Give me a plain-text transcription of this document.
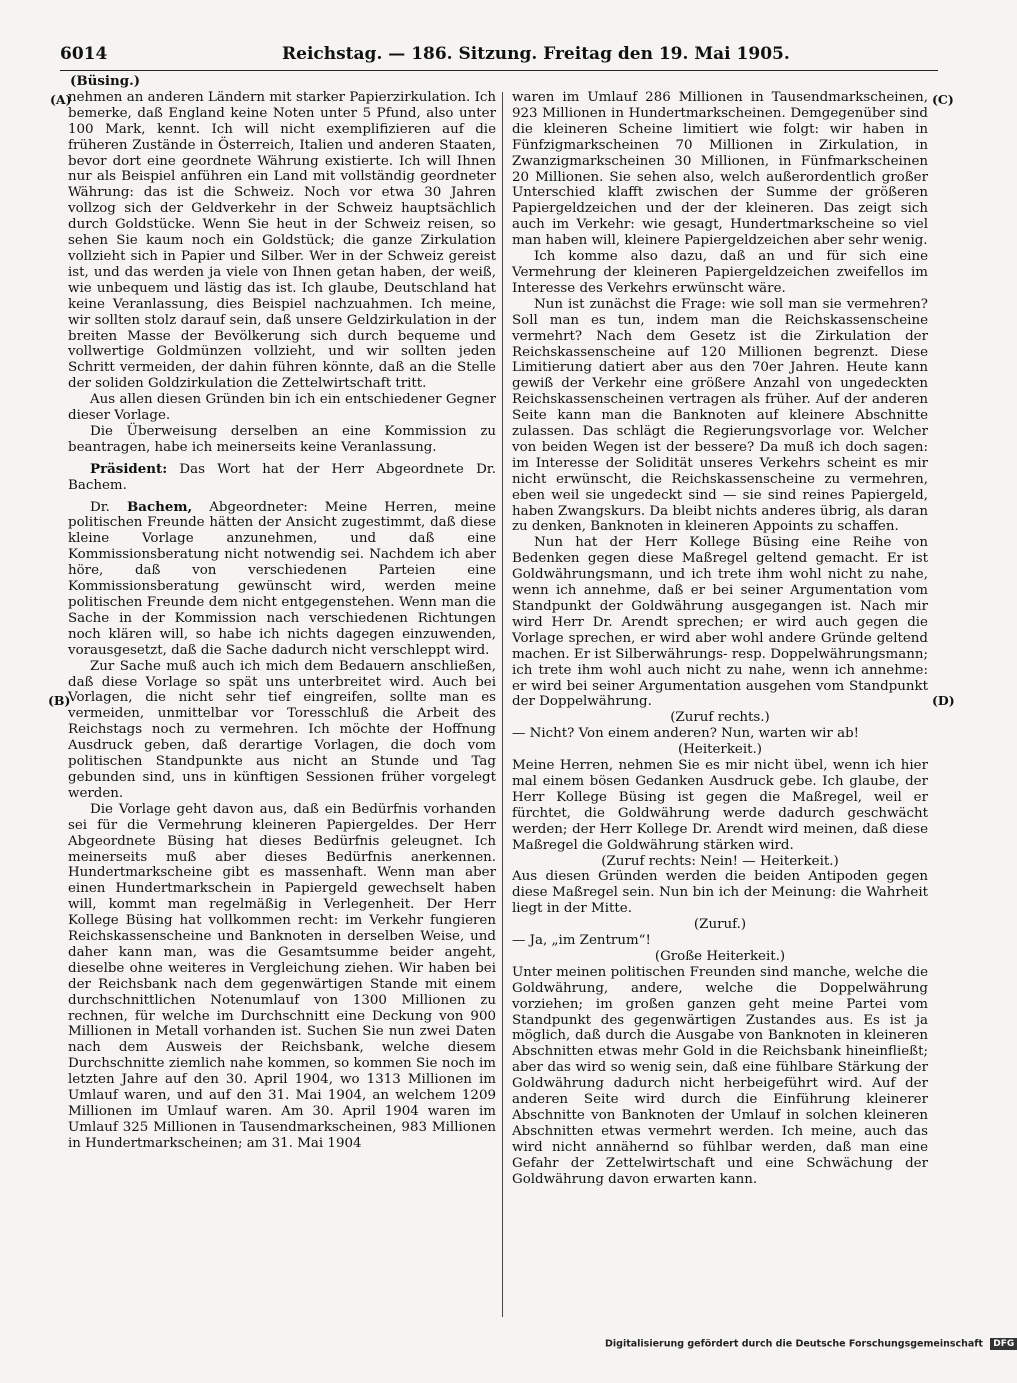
6014	Reichstag. — 186. Sitzung. Freitag den 19. Mai 1905.
(A)
(B)
(C)
(D)

(Büsing.)

nehmen an anderen Ländern mit starker Papierzirkulation. Ich bemerke, daß England keine Noten unter 5 Pfund, also unter 100 Mark, kennt. Ich will nicht exemplifizieren auf die früheren Zustände in Österreich, Italien und anderen Staaten, bevor dort eine geordnete Währung existierte. Ich will Ihnen nur als Beispiel anführen ein Land mit vollständig geordneter Währung: das ist die Schweiz. Noch vor etwa 30 Jahren vollzog sich der Geldverkehr in der Schweiz hauptsächlich durch Goldstücke. Wenn Sie heut in der Schweiz reisen, so sehen Sie kaum noch ein Goldstück; die ganze Zirkulation vollzieht sich in Papier und Silber. Wer in der Schweiz gereist ist, und das werden ja viele von Ihnen getan haben, der weiß, wie unbequem und lästig das ist. Ich glaube, Deutschland hat keine Veranlassung, dies Beispiel nachzuahmen. Ich meine, wir sollten stolz darauf sein, daß unsere Geldzirkulation in der breiten Masse der Bevölkerung sich durch bequeme und vollwertige Goldmünzen vollzieht, und wir sollten jeden Schritt vermeiden, der dahin führen könnte, daß an die Stelle der soliden Goldzirkulation die Zettelwirtschaft tritt.

Aus allen diesen Gründen bin ich ein entschiedener Gegner dieser Vorlage.

Die Überweisung derselben an eine Kommission zu beantragen, habe ich meinerseits keine Veranlassung.

Präsident: Das Wort hat der Herr Abgeordnete Dr. Bachem.

Dr. Bachem, Abgeordneter: Meine Herren, meine politischen Freunde hätten der Ansicht zugestimmt, daß diese kleine Vorlage anzunehmen, und daß eine Kommissionsberatung nicht notwendig sei. Nachdem ich aber höre, daß von verschiedenen Parteien eine Kommissionsberatung gewünscht wird, werden meine politischen Freunde dem nicht entgegenstehen. Wenn man die Sache in der Kommission nach verschiedenen Richtungen noch klären will, so habe ich nichts dagegen einzuwenden, vorausgesetzt, daß die Sache dadurch nicht verschleppt wird.

Zur Sache muß auch ich mich dem Bedauern anschließen, daß diese Vorlage so spät uns unterbreitet wird. Auch bei Vorlagen, die nicht sehr tief eingreifen, sollte man es vermeiden, unmittelbar vor Toresschluß die Arbeit des Reichstags noch zu vermehren. Ich möchte der Hoffnung Ausdruck geben, daß derartige Vorlagen, die doch vom politischen Standpunkte aus nicht an Stunde und Tag gebunden sind, uns in künftigen Sessionen früher vorgelegt werden.

Die Vorlage geht davon aus, daß ein Bedürfnis vorhanden sei für die Vermehrung kleineren Papiergeldes. Der Herr Abgeordnete Büsing hat dieses Bedürfnis geleugnet. Ich meinerseits muß aber dieses Bedürfnis anerkennen. Hundertmarkscheine gibt es massenhaft. Wenn man aber einen Hundertmarkschein in Papiergeld gewechselt haben will, kommt man regelmäßig in Verlegenheit. Der Herr Kollege Büsing hat vollkommen recht: im Verkehr fungieren Reichskassenscheine und Banknoten in derselben Weise, und daher kann man, was die Gesamtsumme beider angeht, dieselbe ohne weiteres in Vergleichung ziehen. Wir haben bei der Reichsbank nach dem gegenwärtigen Stande mit einem durchschnittlichen Notenumlauf von 1300 Millionen zu rechnen, für welche im Durchschnitt eine Deckung von 900 Millionen in Metall vorhanden ist. Suchen Sie nun zwei Daten nach dem Ausweis der Reichsbank, welche diesem Durchschnitte ziemlich nahe kommen, so kommen Sie noch im letzten Jahre auf den 30. April 1904, wo 1313 Millionen im Umlauf waren, und auf den 31. Mai 1904, an welchem 1209 Millionen im Umlauf waren. Am 30. April 1904 waren im Umlauf 325 Millionen in Tausendmarkscheinen, 983 Millionen in Hundertmarkscheinen; am 31. Mai 1904

waren im Umlauf 286 Millionen in Tausendmarkscheinen, 923 Millionen in Hundertmarkscheinen. Demgegenüber sind die kleineren Scheine limitiert wie folgt: wir haben in Fünfzigmarkscheinen 70 Millionen in Zirkulation, in Zwanzigmarkscheinen 30 Millionen, in Fünfmarkscheinen 20 Millionen. Sie sehen also, welch außerordentlich großer Unterschied klafft zwischen der Summe der größeren Papiergeldzeichen und der der kleineren. Das zeigt sich auch im Verkehr: wie gesagt, Hundertmarkscheine so viel man haben will, kleinere Papiergeldzeichen aber sehr wenig.

Ich komme also dazu, daß an und für sich eine Vermehrung der kleineren Papiergeldzeichen zweifellos im Interesse des Verkehrs erwünscht wäre.

Nun ist zunächst die Frage: wie soll man sie vermehren? Soll man es tun, indem man die Reichskassenscheine vermehrt? Nach dem Gesetz ist die Zirkulation der Reichskassenscheine auf 120 Millionen begrenzt. Diese Limitierung datiert aber aus den 70er Jahren. Heute kann gewiß der Verkehr eine größere Anzahl von ungedeckten Reichskassenscheinen vertragen als früher. Auf der anderen Seite kann man die Banknoten auf kleinere Abschnitte zulassen. Das schlägt die Regierungsvorlage vor. Welcher von beiden Wegen ist der bessere? Da muß ich doch sagen: im Interesse der Solidität unseres Verkehrs scheint es mir nicht erwünscht, die Reichskassenscheine zu vermehren, eben weil sie ungedeckt sind — sie sind reines Papiergeld, haben Zwangskurs. Da bleibt nichts anderes übrig, als daran zu denken, Banknoten in kleineren Appoints zu schaffen.

Nun hat der Herr Kollege Büsing eine Reihe von Bedenken gegen diese Maßregel geltend gemacht. Er ist Goldwährungsmann, und ich trete ihm wohl nicht zu nahe, wenn ich annehme, daß er bei seiner Argumentation vom Standpunkt der Goldwährung ausgegangen ist. Nach mir wird Herr Dr. Arendt sprechen; er wird auch gegen die Vorlage sprechen, er wird aber wohl andere Gründe geltend machen. Er ist Silberwährungs- resp. Doppelwährungsmann; ich trete ihm wohl auch nicht zu nahe, wenn ich annehme: er wird bei seiner Argumentation ausgehen vom Standpunkt der Doppelwährung.

(Zuruf rechts.)

— Nicht? Von einem anderen? Nun, warten wir ab!

(Heiterkeit.)

Meine Herren, nehmen Sie es mir nicht übel, wenn ich hier mal einem bösen Gedanken Ausdruck gebe. Ich glaube, der Herr Kollege Büsing ist gegen die Maßregel, weil er fürchtet, die Goldwährung werde dadurch geschwächt werden; der Herr Kollege Dr. Arendt wird meinen, daß diese Maßregel die Goldwährung stärken wird.

(Zuruf rechts: Nein! — Heiterkeit.)

Aus diesen Gründen werden die beiden Antipoden gegen diese Maßregel sein. Nun bin ich der Meinung: die Wahrheit liegt in der Mitte.

(Zuruf.)

— Ja, „im Zentrum“!

(Große Heiterkeit.)

Unter meinen politischen Freunden sind manche, welche die Goldwährung, andere, welche die Doppelwährung vorziehen; im großen ganzen geht meine Partei vom Standpunkt des gegenwärtigen Zustandes aus. Es ist ja möglich, daß durch die Ausgabe von Banknoten in kleineren Abschnitten etwas mehr Gold in die Reichsbank hineinfließt; aber das wird so wenig sein, daß eine fühlbare Stärkung der Goldwährung dadurch nicht herbeigeführt wird. Auf der anderen Seite wird durch die Einführung kleinerer Abschnitte von Banknoten der Umlauf in solchen kleineren Abschnitten etwas vermehrt werden. Ich meine, auch das wird nicht annähernd so fühlbar werden, daß man eine Gefahr der Zettelwirtschaft und eine Schwächung der Goldwährung davon erwarten kann.

Digitalisierung gefördert durch die Deutsche Forschungsgemeinschaft DFG
